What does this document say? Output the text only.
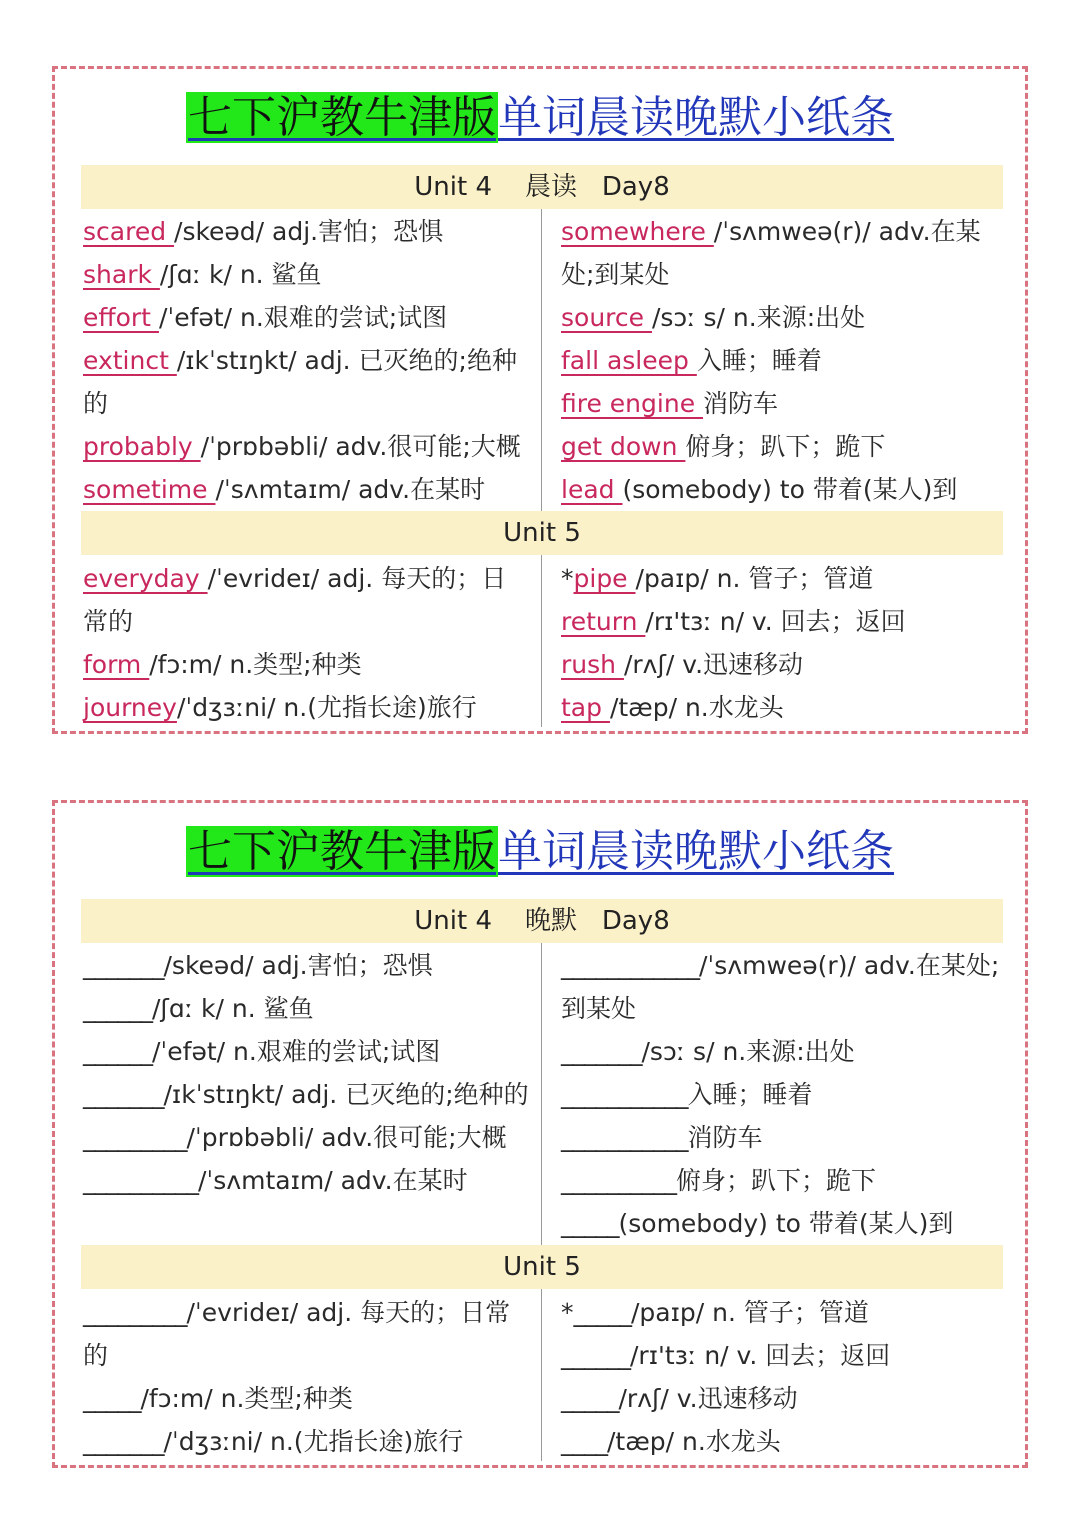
七下沪教牛津版单词晨读晚默小纸条
Unit 4    晨读   Day8
scared /skeəd/ adj.害怕；恐惧
shark /ʃɑː k/ n. 鲨鱼
effort /ˈefət/ n.艰难的尝试;试图
extinct /ɪkˈstɪŋkt/ adj. 已灭绝的;绝种的
probably /ˈprɒbəbli/ adv.很可能;大概
sometime /ˈsʌmtaɪm/ adv.在某时
somewhere /ˈsʌmweə(r)/ adv.在某处;到某处
source /sɔː s/ n.来源:出处
fall asleep 入睡；睡着
fire engine 消防车
get down 俯身；趴下；跪下
lead (somebody) to 带着(某人)到
Unit 5
everyday /ˈevrideɪ/ adj. 每天的；日常的
form /fɔ:m/ n.类型;种类
journey/ˈdʒɜːni/ n.(尤指长途)旅行
*pipe /paɪp/ n. 管子；管道
return /rɪ'tɜː n/ v. 回去；返回
rush /rʌʃ/ v.迅速移动
tap /tæp/ n.水龙头
七下沪教牛津版单词晨读晚默小纸条
Unit 4    晚默   Day8
_______/skeəd/ adj.害怕；恐惧
______/ʃɑː k/ n. 鲨鱼
______/ˈefət/ n.艰难的尝试;试图
_______/ɪkˈstɪŋkt/ adj. 已灭绝的;绝种的
_________/ˈprɒbəbli/ adv.很可能;大概
__________/ˈsʌmtaɪm/ adv.在某时
____________/ˈsʌmweə(r)/ adv.在某处;到某处
_______/sɔː s/ n.来源:出处
___________入睡；睡着
___________消防车
__________俯身；趴下；跪下
_____(somebody) to 带着(某人)到
Unit 5
_________/ˈevrideɪ/ adj. 每天的；日常的
_____/fɔ:m/ n.类型;种类
_______/ˈdʒɜːni/ n.(尤指长途)旅行
*_____/paɪp/ n. 管子；管道
______/rɪ'tɜː n/ v. 回去；返回
_____/rʌʃ/ v.迅速移动
____/tæp/ n.水龙头
